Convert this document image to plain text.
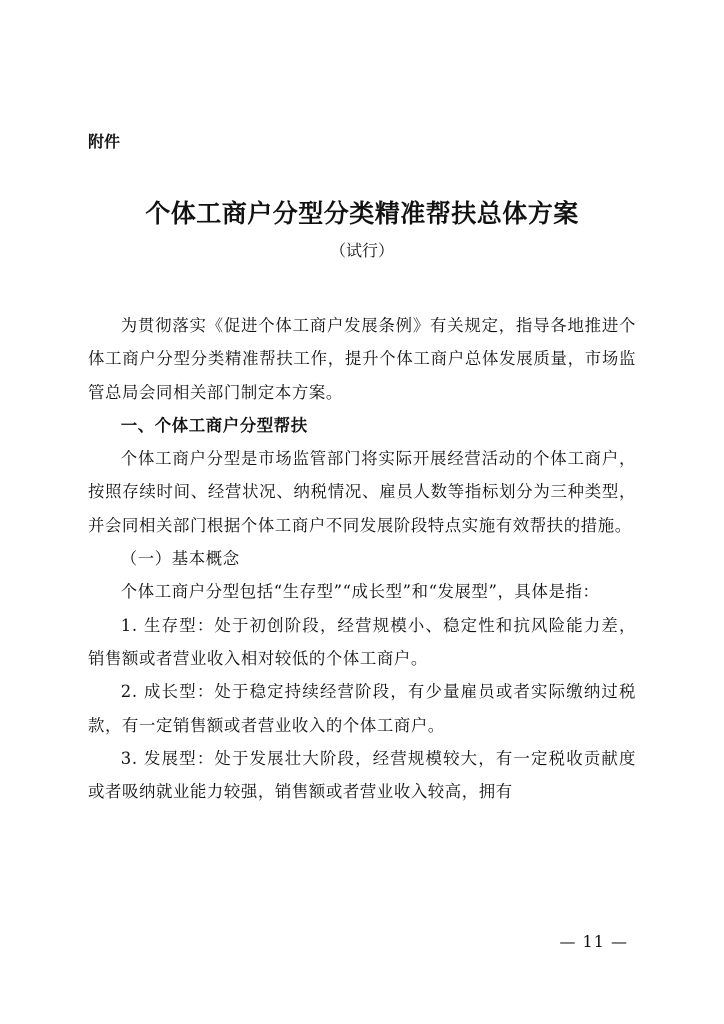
附件
个体工商户分型分类精准帮扶总体方案
（试行）

为贯彻落实《促进个体工商户发展条例》有关规定，指导各地推进个体工商户分型分类精准帮扶工作，提升个体工商户总体发展质量，市场监管总局会同相关部门制定本方案。

一、个体工商户分型帮扶

个体工商户分型是市场监管部门将实际开展经营活动的个体工商户，按照存续时间、经营状况、纳税情况、雇员人数等指标划分为三种类型，并会同相关部门根据个体工商户不同发展阶段特点实施有效帮扶的措施。

（一）基本概念

个体工商户分型包括“生存型”“成长型”和“发展型”，具体是指：

1. 生存型：处于初创阶段，经营规模小、稳定性和抗风险能力差，销售额或者营业收入相对较低的个体工商户。

2. 成长型：处于稳定持续经营阶段，有少量雇员或者实际缴纳过税款，有一定销售额或者营业收入的个体工商户。

3. 发展型：处于发展壮大阶段，经营规模较大，有一定税收贡献度或者吸纳就业能力较强，销售额或者营业收入较高，拥有

— 11 —
